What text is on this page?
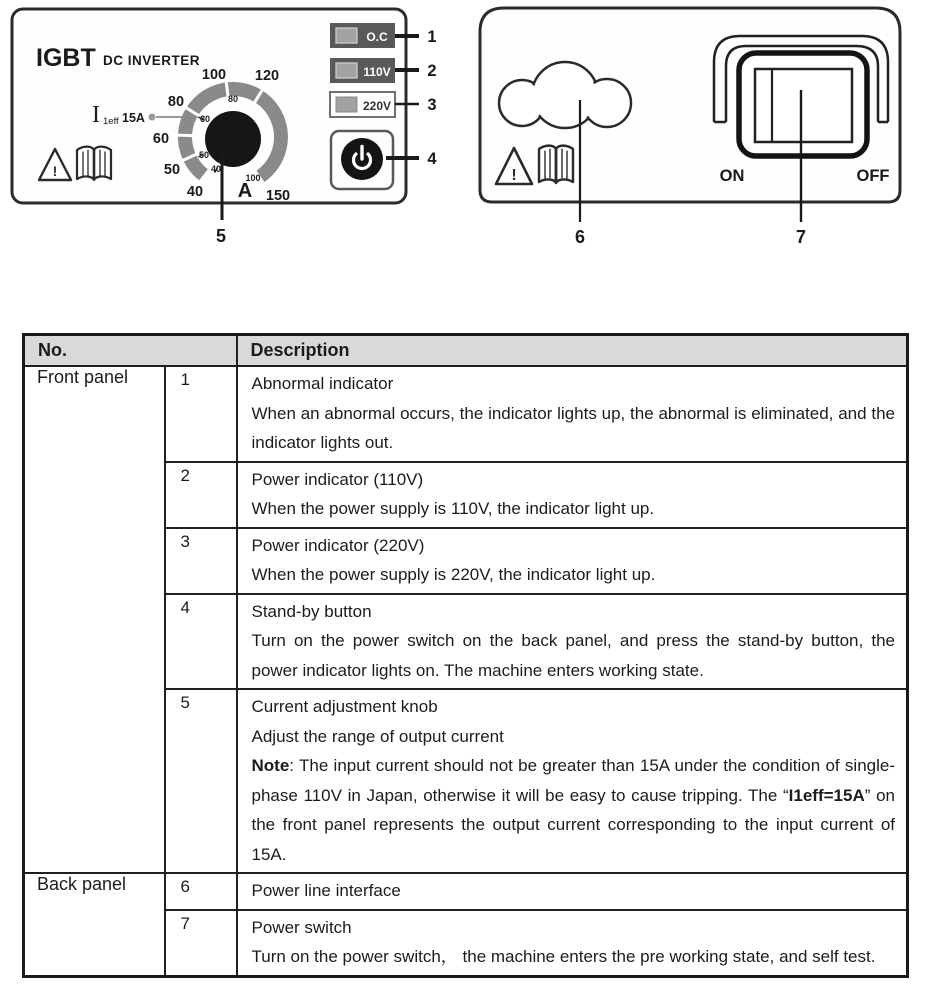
IGBT DC INVERTER
I 1eff 15A
!
40
50
60
80
100 120
150
40
50
60
80
100
A
O.C
110V
220V
1
2
3
4
5
!	ON	OFF
6	7
No.		Description
Front panel	1	Abnormal indicator
When an abnormal occurs, the indicator lights up, the abnormal is eliminated, and the indicator lights out.

	2	Power indicator (110V)
When the power supply is 110V, the indicator light up.

	3	Power indicator (220V)
When the power supply is 220V, the indicator light up.

	4	Stand-by button
Turn on the power switch on the back panel, and press the stand-by button, the power indicator lights on. The machine enters working state.

	5	Current adjustment knob
Adjust the range of output current
Note: The input current should not be greater than 15A under the condition of single-phase 110V in Japan, otherwise it will be easy to cause tripping. The “I1eff=15A” on the front panel represents the output current corresponding to the input current of 15A.

Back panel	6	Power line interface

	7	Power switch
Turn on the power switch， the machine enters the pre working state, and self test.
